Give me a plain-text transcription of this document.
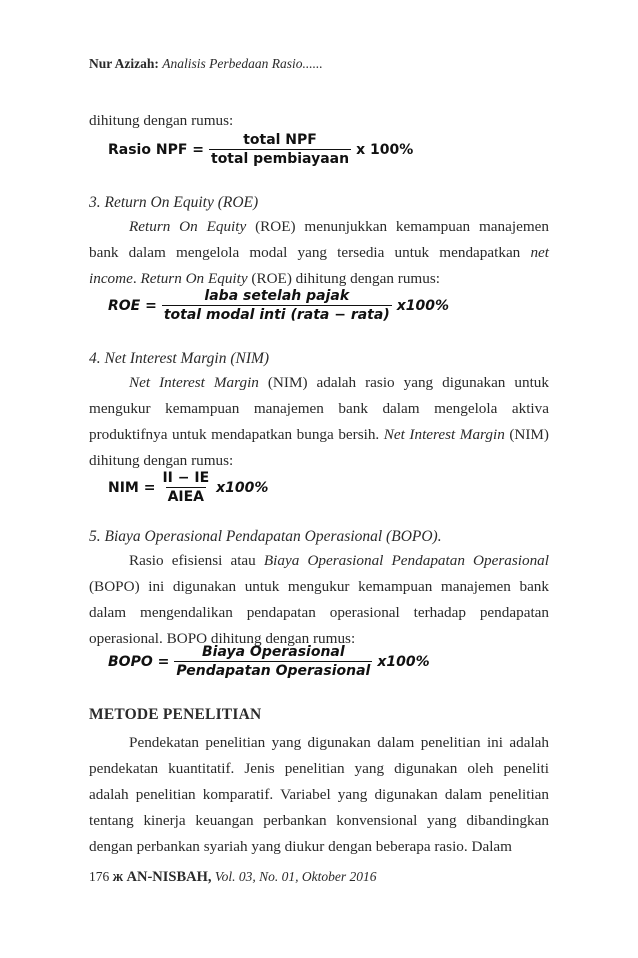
Nur Azizah: Analisis Perbedaan Rasio......
dihitung dengan rumus:
Rasio NPF = $\frac{\text{total NPF}}{\text{total pembiayaan}}$ x 100%
3. Return On Equity (ROE)
Return On Equity (ROE) menunjukkan kemampuan manajemen bank dalam mengelola modal yang tersedia untuk mendapatkan net income. Return On Equity (ROE) dihitung dengan rumus:
ROE = $\frac{\text{laba setelah pajak}}{\text{total modal inti (rata − rata)}} x100\%$
4. Net Interest Margin (NIM)
Net Interest Margin (NIM) adalah rasio yang digunakan untuk mengukur kemampuan manajemen bank dalam mengelola aktiva produktifnya untuk mendapatkan bunga bersih. Net Interest Margin (NIM) dihitung dengan rumus:
NIM = $\frac{II - IE}{\text{AIEA}} x100\%$
5. Biaya Operasional Pendapatan Operasional (BOPO).
Rasio efisiensi atau Biaya Operasional Pendapatan Operasional (BOPO) ini digunakan untuk mengukur kemampuan manajemen bank dalam mengendalikan pendapatan operasional terhadap pendapatan operasional. BOPO dihitung dengan rumus:
BOPO = $\frac{\text{Biaya Operasional}}{\text{Pendapatan Operasional}} x100\%$
METODE PENELITIAN
Pendekatan penelitian yang digunakan dalam penelitian ini adalah pendekatan kuantitatif. Jenis penelitian yang digunakan oleh peneliti adalah penelitian komparatif. Variabel yang digunakan dalam penelitian tentang kinerja keuangan perbankan konvensional yang dibandingkan dengan perbankan syariah yang diukur dengan beberapa rasio. Dalam
176 ж AN-NISBAH, Vol. 03, No. 01, Oktober 2016
